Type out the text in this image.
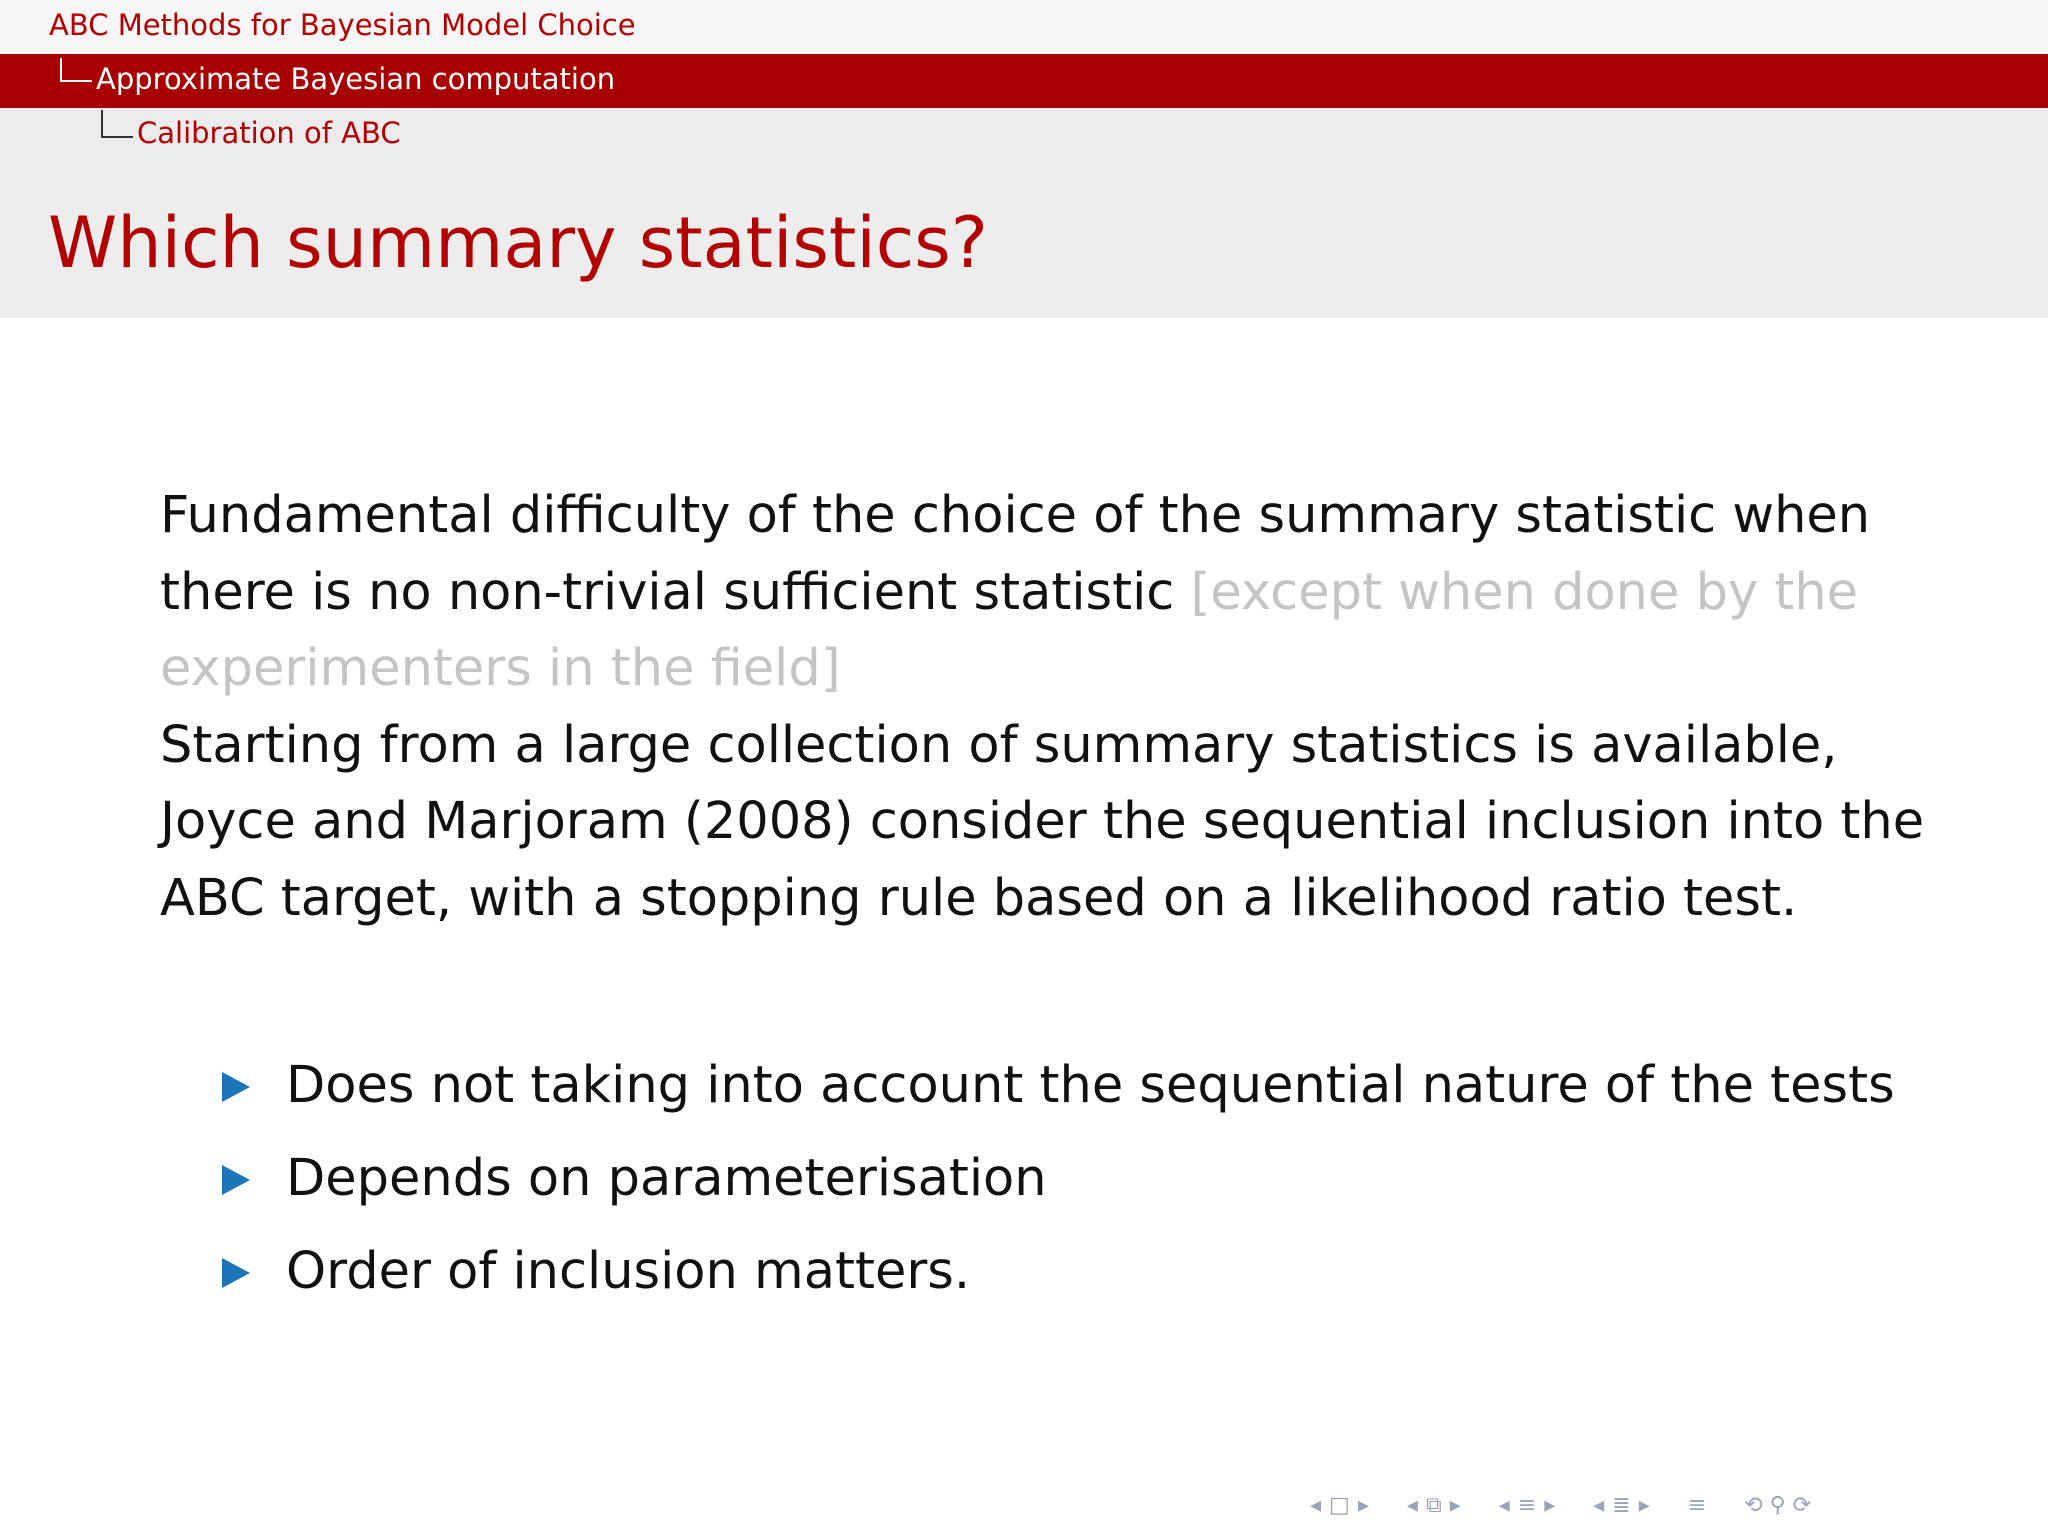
ABC Methods for Bayesian Model Choice
Approximate Bayesian computation
Calibration of ABC
Which summary statistics?

Fundamental difficulty of the choice of the summary statistic when there is no non-trivial sufficient statistic [except when done by the experimenters in the field]

Starting from a large collection of summary statistics is available, Joyce and Marjoram (2008) consider the sequential inclusion into the ABC target, with a stopping rule based on a likelihood ratio test.

Does not taking into account the sequential nature of the tests
Depends on parameterisation
Order of inclusion matters.
◂ □ ▸ ◂ ⧉ ▸ ◂ ≡ ▸ ◂ ≣ ▸ ≡ ⟲ ⚲ ⟳
